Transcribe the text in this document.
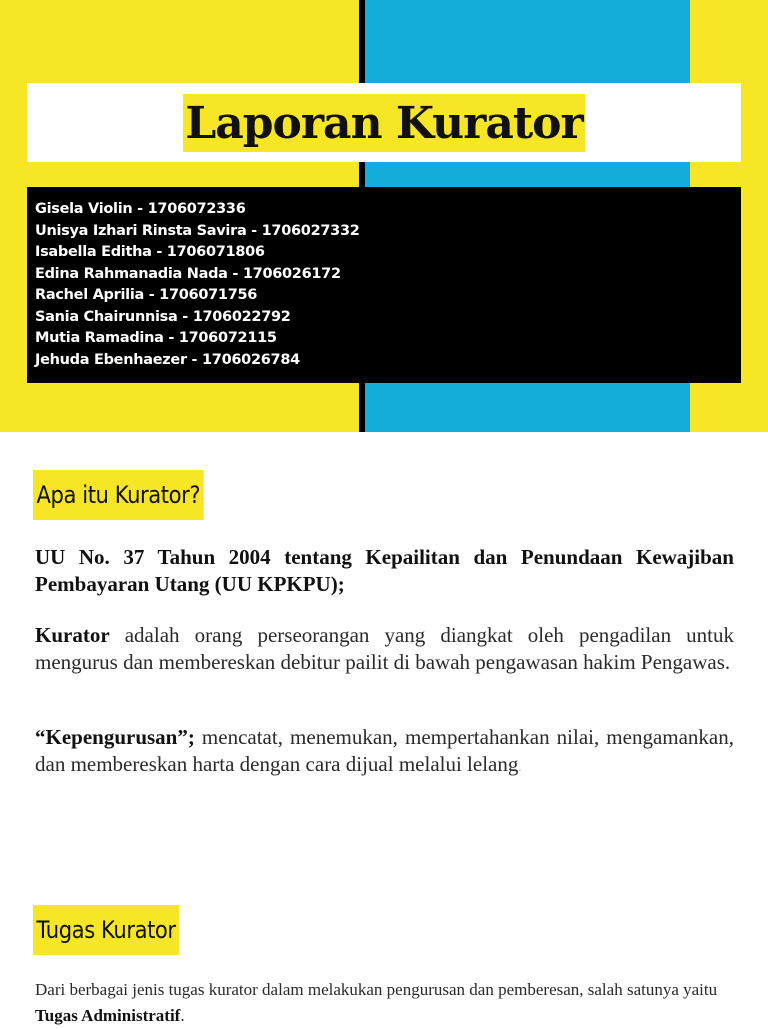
Laporan Kurator
Gisela Violin - 1706072336
Unisya Izhari Rinsta Savira - 1706027332
Isabella Editha - 1706071806
Edina Rahmanadia Nada - 1706026172
Rachel Aprilia - 1706071756
Sania Chairunnisa - 1706022792
Mutia Ramadina - 1706072115
Jehuda Ebenhaezer - 1706026784
Apa itu Kurator?
UU No. 37 Tahun 2004 tentang Kepailitan dan Penundaan Kewajiban Pembayaran Utang (UU KPKPU);
Kurator adalah orang perseorangan yang diangkat oleh pengadilan untuk mengurus dan membereskan debitur pailit di bawah pengawasan hakim Pengawas.
“Kepengurusan”; mencatat, menemukan, mempertahankan nilai, mengamankan, dan membereskan harta dengan cara dijual melalui lelang.
Tugas Kurator
Dari berbagai jenis tugas kurator dalam melakukan pengurusan dan pemberesan, salah satunya yaitu Tugas Administratif.
